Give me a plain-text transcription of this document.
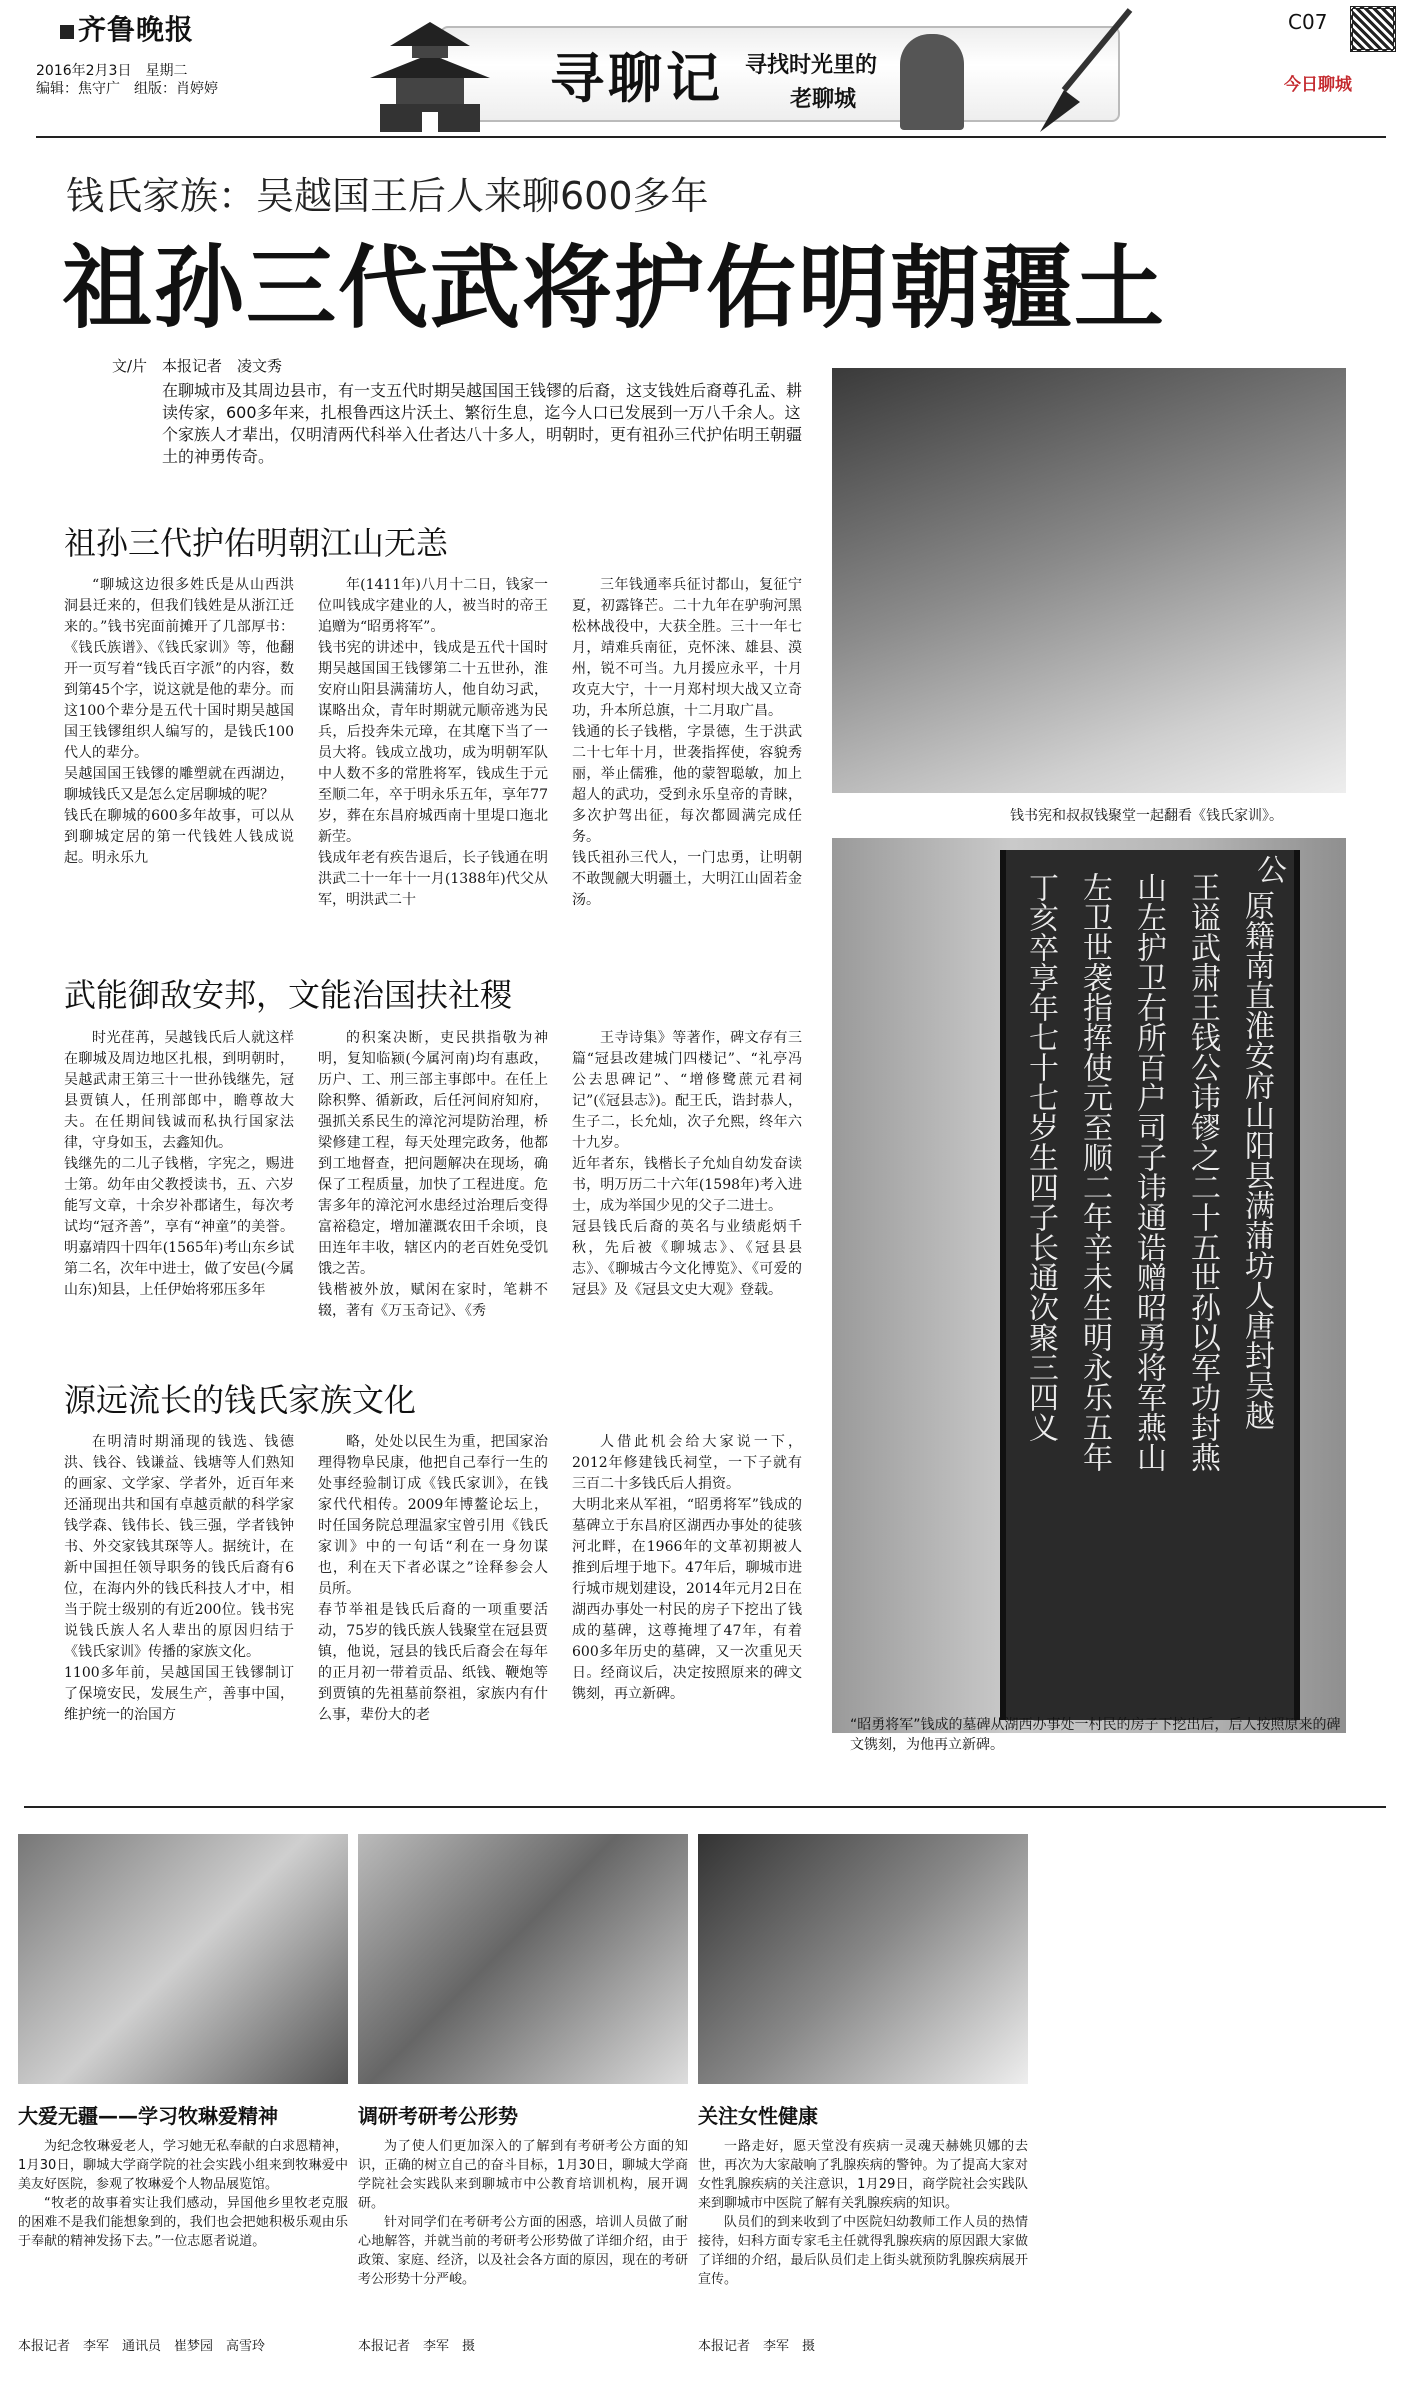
齐鲁晚报
2016年2月3日　星期二
编辑：焦守广　组版：肖婷婷	寻聊记 寻找时光里的
老聊城
C07
今日聊城
钱氏家族：吴越国王后人来聊600多年
祖孙三代武将护佑明朝疆土
文/片　本报记者　凌文秀
在聊城市及其周边县市，有一支五代时期吴越国国王钱镠的后裔，这支钱姓后裔尊孔孟、耕读传家，600多年来，扎根鲁西这片沃土、繁衍生息，迄今人口已发展到一万八千余人。这个家族人才辈出，仅明清两代科举入仕者达八十多人，明朝时，更有祖孙三代护佑明王朝疆土的神勇传奇。
祖孙三代护佑明朝江山无恙
“聊城这边很多姓氏是从山西洪洞县迁来的，但我们钱姓是从浙江迁来的。”钱书宪面前摊开了几部厚书：《钱氏族谱》、《钱氏家训》等，他翻开一页写着“钱氏百字派”的内容，数到第45个字，说这就是他的辈分。而这100个辈分是五代十国时期吴越国国王钱镠组织人编写的，是钱氏100代人的辈分。
吴越国国王钱镠的雕塑就在西湖边，聊城钱氏又是怎么定居聊城的呢？
钱氏在聊城的600多年故事，可以从到聊城定居的第一代钱姓人钱成说起。明永乐九
年(1411年)八月十二日，钱家一位叫钱成字建业的人，被当时的帝王追赠为“昭勇将军”。
钱书宪的讲述中，钱成是五代十国时期吴越国国王钱镠第二十五世孙，淮安府山阳县满蒲坊人，他自幼习武，谋略出众，青年时期就元顺帝逃为民兵，后投奔朱元璋，在其麾下当了一员大将。钱成立战功，成为明朝军队中人数不多的常胜将军，钱成生于元至顺二年，卒于明永乐五年，享年77岁，葬在东昌府城西南十里堤口迤北新茔。
钱成年老有疾告退后，长子钱通在明洪武二十一年十一月(1388年)代父从军，明洪武二十
三年钱通率兵征讨都山，复征宁夏，初露锋芒。二十九年在驴驹河黑松林战役中，大获全胜。三十一年七月，靖难兵南征，克怀涞、雄县、漠州，锐不可当。九月援应永平，十月攻克大宁，十一月郑村坝大战又立奇功，升本所总旗，十二月取广昌。
钱通的长子钱楷，字景德，生于洪武二十七年十月，世袭指挥使，容貌秀丽，举止儒雅，他的蒙智聪敏，加上超人的武功，受到永乐皇帝的青睐，多次护驾出征，每次都圆满完成任务。
钱氏祖孙三代人，一门忠勇，让明朝不敢觊觎大明疆土，大明江山固若金汤。
武能御敌安邦，文能治国扶社稷
时光荏苒，吴越钱氏后人就这样在聊城及周边地区扎根，到明朝时，吴越武肃王第三十一世孙钱继先，冠县贾镇人，任刑部郎中，瞻尊故大夫。在任期间钱诚而私执行国家法律，守身如玉，去鑫知仇。
钱继先的二儿子钱楷，字宪之，赐进士第。幼年由父教授读书，五、六岁能写文章，十余岁补郡诸生，每次考试均“冠齐善”，享有“神童”的美誉。明嘉靖四十四年(1565年)考山东乡试第二名，次年中进士，做了安邑(今属山东)知县，上任伊始将邪压多年
的积案决断，吏民拱指敬为神明，复知临颍(今属河南)均有惠政，历户、工、刑三部主事郎中。在任上除积弊、循新政，后任河间府知府，强抓关系民生的漳沱河堤防治理，桥梁修建工程，每天处理完政务，他都到工地督查，把问题解决在现场，确保了工程质量，加快了工程进度。危害多年的漳沱河水患经过治理后变得富裕稳定，增加灌溉农田千余顷，良田连年丰收，辖区内的老百姓免受饥饿之苦。
钱楷被外放，赋闲在家时，笔耕不辍，著有《万玉奇记》、《秀
王寺诗集》等著作，碑文存有三篇“冠县改建城门四楼记”、“礼亭冯公去思碑记”、“增修鹭蔗元君祠记”(《冠县志》)。配王氏，诰封恭人，生子二，长允灿，次子允熙，终年六十九岁。
近年者东，钱楷长子允灿自幼发奋读书，明万历二十六年(1598年)考入进士，成为举国少见的父子二进士。
冠县钱氏后裔的英名与业绩彪炳千秋，先后被《聊城志》、《冠县县志》、《聊城古今文化博览》、《可爱的冠县》及《冠县文史大观》登载。
源远流长的钱氏家族文化
在明清时期涌现的钱选、钱德洪、钱谷、钱谦益、钱塘等人们熟知的画家、文学家、学者外，近百年来还涌现出共和国有卓越贡献的科学家钱学森、钱伟长、钱三强，学者钱钟书、外交家钱其琛等人。据统计，在新中国担任领导职务的钱氏后裔有6位，在海内外的钱氏科技人才中，相当于院士级别的有近200位。钱书宪说钱氏族人名人辈出的原因归结于《钱氏家训》传播的家族文化。
1100多年前，吴越国国王钱镠制订了保境安民，发展生产，善事中国，维护统一的治国方
略，处处以民生为重，把国家治理得物阜民康，他把自己奉行一生的处事经验制订成《钱氏家训》，在钱家代代相传。2009年博鳌论坛上，时任国务院总理温家宝曾引用《钱氏家训》中的一句话“利在一身勿谋也，利在天下者必谋之”诠释参会人员所。
春节举祖是钱氏后裔的一项重要活动，75岁的钱氏族人钱聚堂在冠县贾镇，他说，冠县的钱氏后裔会在每年的正月初一带着贡品、纸钱、鞭炮等到贾镇的先祖墓前祭祖，家族内有什么事，辈份大的老
人借此机会给大家说一下，2012年修建钱氏祠堂，一下子就有三百二十多钱氏后人捐资。
大明北来从军祖，“昭勇将军”钱成的墓碑立于东昌府区湖西办事处的徒骇河北畔，在1966年的文革初期被人推到后埋于地下。47年后，聊城市进行城市规划建设，2014年元月2日在湖西办事处一村民的房子下挖出了钱成的墓碑，这尊掩埋了47年，有着600多年历史的墓碑，又一次重见天日。经商议后，决定按照原来的碑文镌刻，再立新碑。
钱书宪和叔叔钱聚堂一起翻看《钱氏家训》。
公
原籍南直淮安府山阳县满蒲坊人唐封吴越
王谥武肃王钱公讳镠之二十五世孙以军功封燕
山左护卫右所百户司子讳通诰赠昭勇将军燕山
左卫世袭指挥使元至顺二年辛未生明永乐五年
丁亥卒享年七十七岁生四子长通次聚三四义
“昭勇将军”钱成的墓碑从湖西办事处一村民的房子下挖出后，后人按照原来的碑文镌刻，为他再立新碑。
大爱无疆——学习牧琳爱精神

为纪念牧琳爱老人，学习她无私奉献的白求恩精神，1月30日，聊城大学商学院的社会实践小组来到牧琳爱中美友好医院，参观了牧琳爱个人物品展览馆。

“牧老的故事着实让我们感动，异国他乡里牧老克服的困难不是我们能想象到的，我们也会把她积极乐观由乐于奉献的精神发扬下去。”一位志愿者说道。

本报记者　李军　通讯员　崔梦园　高雪玲
调研考研考公形势

为了使人们更加深入的了解到有考研考公方面的知识，正确的树立自己的奋斗目标，1月30日，聊城大学商学院社会实践队来到聊城市中公教育培训机构，展开调研。

针对同学们在考研考公方面的困惑，培训人员做了耐心地解答，并就当前的考研考公形势做了详细介绍，由于政策、家庭、经济，以及社会各方面的原因，现在的考研考公形势十分严峻。

本报记者　李军　摄
关注女性健康

一路走好，愿天堂没有疾病一灵魂天赫姚贝娜的去世，再次为大家敲响了乳腺疾病的警钟。为了提高大家对女性乳腺疾病的关注意识，1月29日，商学院社会实践队来到聊城市中医院了解有关乳腺疾病的知识。

队员们的到来收到了中医院妇幼教师工作人员的热情接待，妇科方面专家毛主任就得乳腺疾病的原因跟大家做了详细的介绍，最后队员们走上街头就预防乳腺疾病展开宣传。

本报记者　李军　摄
